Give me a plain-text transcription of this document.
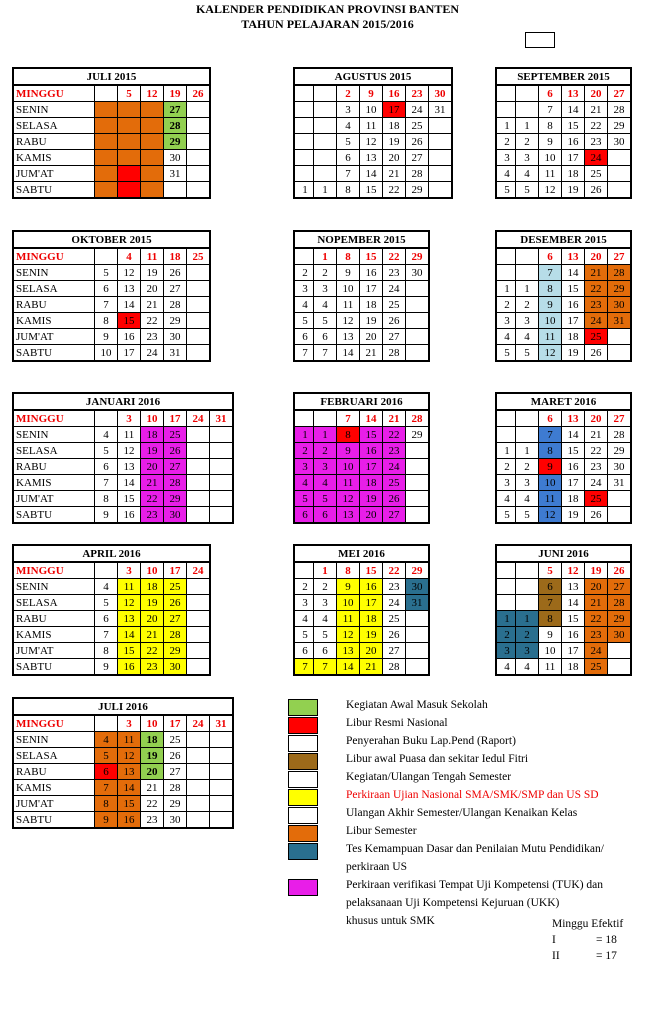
KALENDER PENDIDIKAN PROVINSI BANTEN
TAHUN PELAJARAN 2015/2016
JULI 2015					
MINGGU		5	12	19	26
SENIN				27	
SELASA				28	
RABU				29	
KAMIS				30	
JUM'AT				31	
SABTU					
AGUSTUS 2015						
		2	9	16	23	30
		3	10	17	24	31
		4	11	18	25	
		5	12	19	26	
		6	13	20	27	
		7	14	21	28	
1	1	8	15	22	29	
SEPTEMBER 2015					
		6	13	20	27
		7	14	21	28
1	1	8	15	22	29
2	2	9	16	23	30
3	3	10	17	24	
4	4	11	18	25	
5	5	12	19	26	
OKTOBER 2015					
MINGGU		4	11	18	25
SENIN	5	12	19	26	
SELASA	6	13	20	27	
RABU	7	14	21	28	
KAMIS	8	15	22	29	
JUM'AT	9	16	23	30	
SABTU	10	17	24	31	
NOPEMBER 2015					
	1	8	15	22	29
2	2	9	16	23	30
3	3	10	17	24	
4	4	11	18	25	
5	5	12	19	26	
6	6	13	20	27	
7	7	14	21	28	
DESEMBER 2015					
		6	13	20	27
		7	14	21	28
1	1	8	15	22	29
2	2	9	16	23	30
3	3	10	17	24	31
4	4	11	18	25	
5	5	12	19	26	
JANUARI 2016						
MINGGU		3	10	17	24	31
SENIN	4	11	18	25		
SELASA	5	12	19	26		
RABU	6	13	20	27		
KAMIS	7	14	21	28		
JUM'AT	8	15	22	29		
SABTU	9	16	23	30		
FEBRUARI 2016					
		7	14	21	28
1	1	8	15	22	29
2	2	9	16	23	
3	3	10	17	24	
4	4	11	18	25	
5	5	12	19	26	
6	6	13	20	27	
MARET 2016					
		6	13	20	27
		7	14	21	28
1	1	8	15	22	29
2	2	9	16	23	30
3	3	10	17	24	31
4	4	11	18	25	
5	5	12	19	26	
APRIL 2016					
MINGGU		3	10	17	24
SENIN	4	11	18	25	
SELASA	5	12	19	26	
RABU	6	13	20	27	
KAMIS	7	14	21	28	
JUM'AT	8	15	22	29	
SABTU	9	16	23	30	
MEI 2016					
	1	8	15	22	29
2	2	9	16	23	30
3	3	10	17	24	31
4	4	11	18	25	
5	5	12	19	26	
6	6	13	20	27	
7	7	14	21	28	
JUNI 2016					
		5	12	19	26
		6	13	20	27
		7	14	21	28
1	1	8	15	22	29
2	2	9	16	23	30
3	3	10	17	24	
4	4	11	18	25	
JULI 2016						
MINGGU		3	10	17	24	31
SENIN	4	11	18	25		
SELASA	5	12	19	26		
RABU	6	13	20	27		
KAMIS	7	14	21	28		
JUM'AT	8	15	22	29		
SABTU	9	16	23	30		
Kegiatan Awal Masuk Sekolah
Libur Resmi Nasional
Penyerahan Buku Lap.Pend (Raport)
Libur awal Puasa dan sekitar Iedul Fitri
Kegiatan/Ulangan Tengah Semester
Perkiraan Ujian Nasional SMA/SMK/SMP dan US SD
Ulangan Akhir Semester/Ulangan Kenaikan Kelas
Libur Semester
Tes Kemampuan Dasar dan Penilaian Mutu Pendidikan/
perkiraan US
Perkiraan verifikasi Tempat Uji Kompetensi (TUK) dan
pelaksanaan Uji Kompetensi Kejuruan (UKK)
khusus untuk SMK	Minggu Efektif
I	= 18
II	= 17
